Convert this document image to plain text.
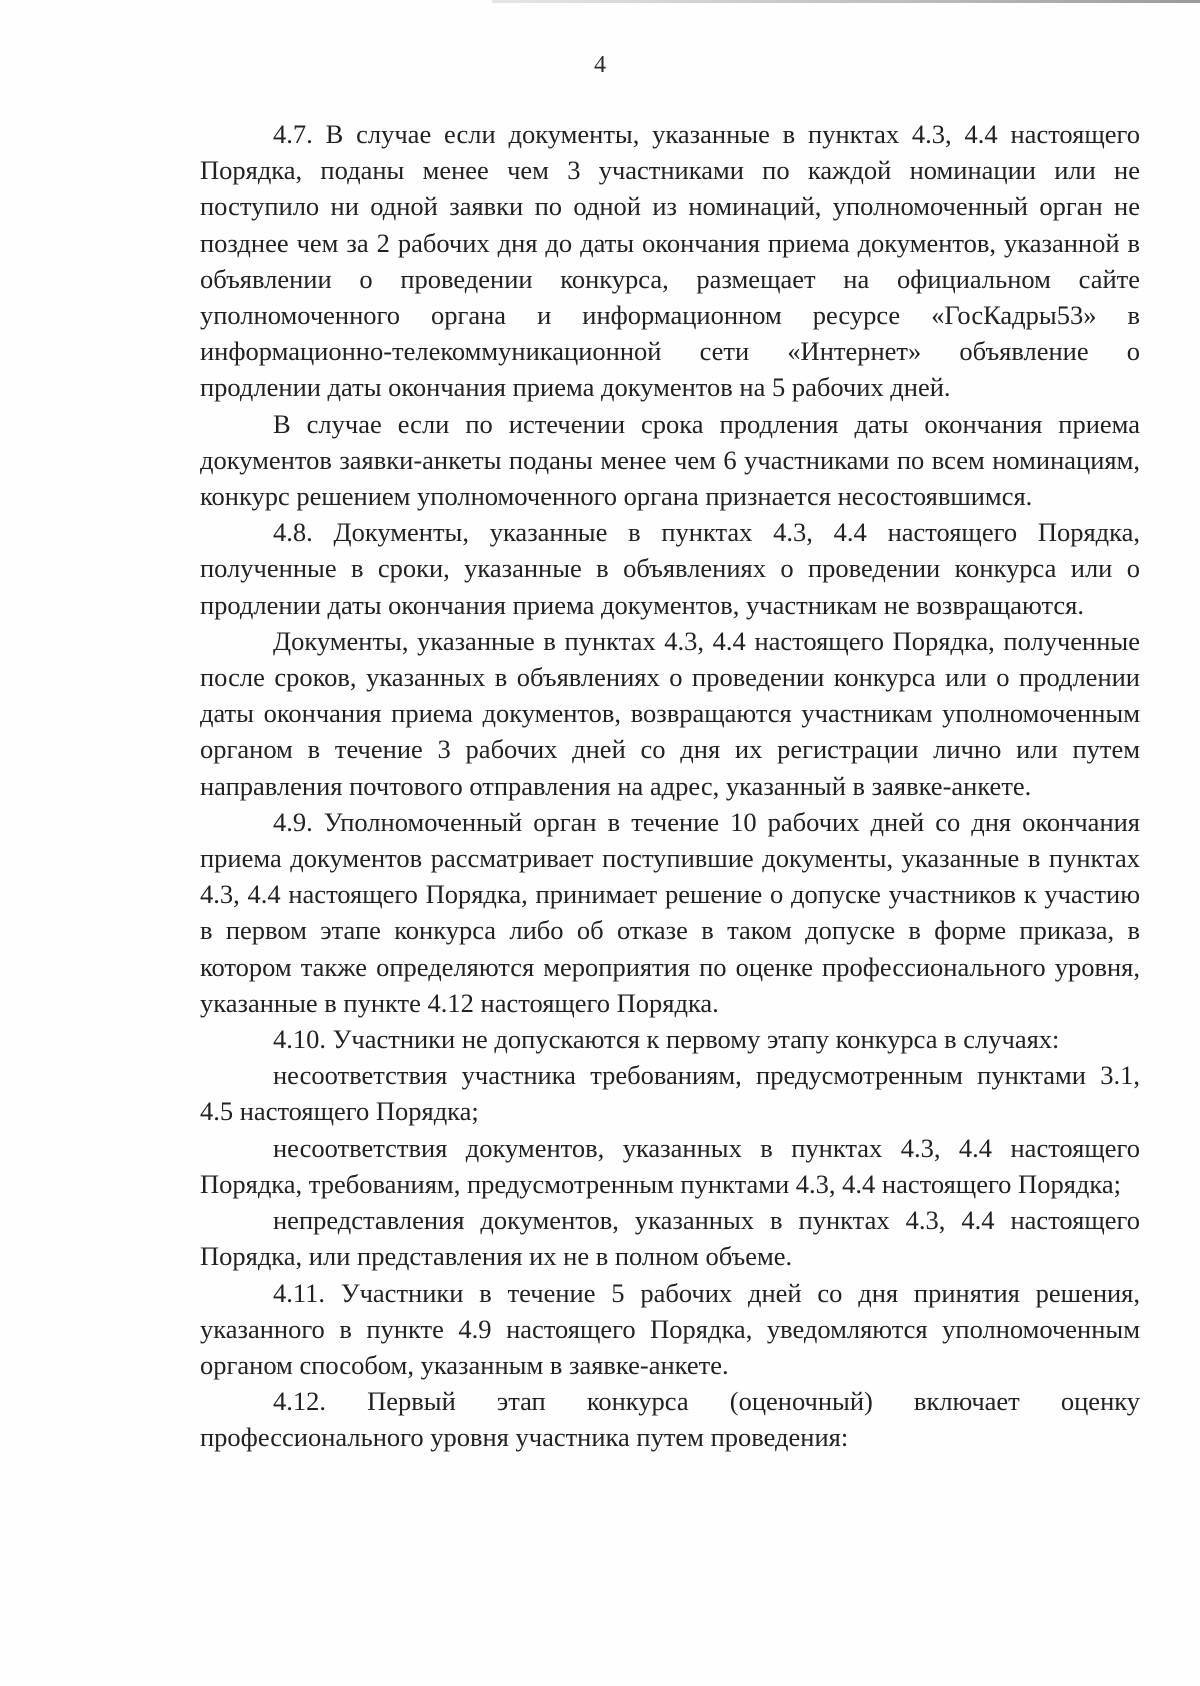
4

4.7. В случае если документы, указанные в пунктах 4.3, 4.4 настоящего Порядка, поданы менее чем 3 участниками по каждой номинации или не поступило ни одной заявки по одной из номинаций, уполномоченный орган не позднее чем за 2 рабочих дня до даты окончания приема документов, указанной в объявлении о проведении конкурса, размещает на официальном сайте уполномоченного органа и информационном ресурсе «ГосКадры53» в информационно-телекоммуникационной сети «Интернет» объявление о продлении даты окончания приема документов на 5 рабочих дней.

В случае если по истечении срока продления даты окончания приема документов заявки-анкеты поданы менее чем 6 участниками по всем номинациям, конкурс решением уполномоченного органа признается несостоявшимся.

4.8. Документы, указанные в пунктах 4.3, 4.4 настоящего Порядка, полученные в сроки, указанные в объявлениях о проведении конкурса или о продлении даты окончания приема документов, участникам не возвращаются.

Документы, указанные в пунктах 4.3, 4.4 настоящего Порядка, полученные после сроков, указанных в объявлениях о проведении конкурса или о продлении даты окончания приема документов, возвращаются участникам уполномоченным органом в течение 3 рабочих дней со дня их регистрации лично или путем направления почтового отправления на адрес, указанный в заявке-анкете.

4.9. Уполномоченный орган в течение 10 рабочих дней со дня окончания приема документов рассматривает поступившие документы, указанные в пунктах 4.3, 4.4 настоящего Порядка, принимает решение о допуске участников к участию в первом этапе конкурса либо об отказе в таком допуске в форме приказа, в котором также определяются мероприятия по оценке профессионального уровня, указанные в пункте 4.12 настоящего Порядка.

4.10. Участники не допускаются к первому этапу конкурса в случаях:

несоответствия участника требованиям, предусмотренным пунктами 3.1, 4.5 настоящего Порядка;

несоответствия документов, указанных в пунктах 4.3, 4.4 настоящего Порядка, требованиям, предусмотренным пунктами 4.3, 4.4 настоящего Порядка;

непредставления документов, указанных в пунктах 4.3, 4.4 настоящего Порядка, или представления их не в полном объеме.

4.11. Участники в течение 5 рабочих дней со дня принятия решения, указанного в пункте 4.9 настоящего Порядка, уведомляются уполномоченным органом способом, указанным в заявке-анкете.

4.12. Первый этап конкурса (оценочный) включает оценку профессионального уровня участника путем проведения:
